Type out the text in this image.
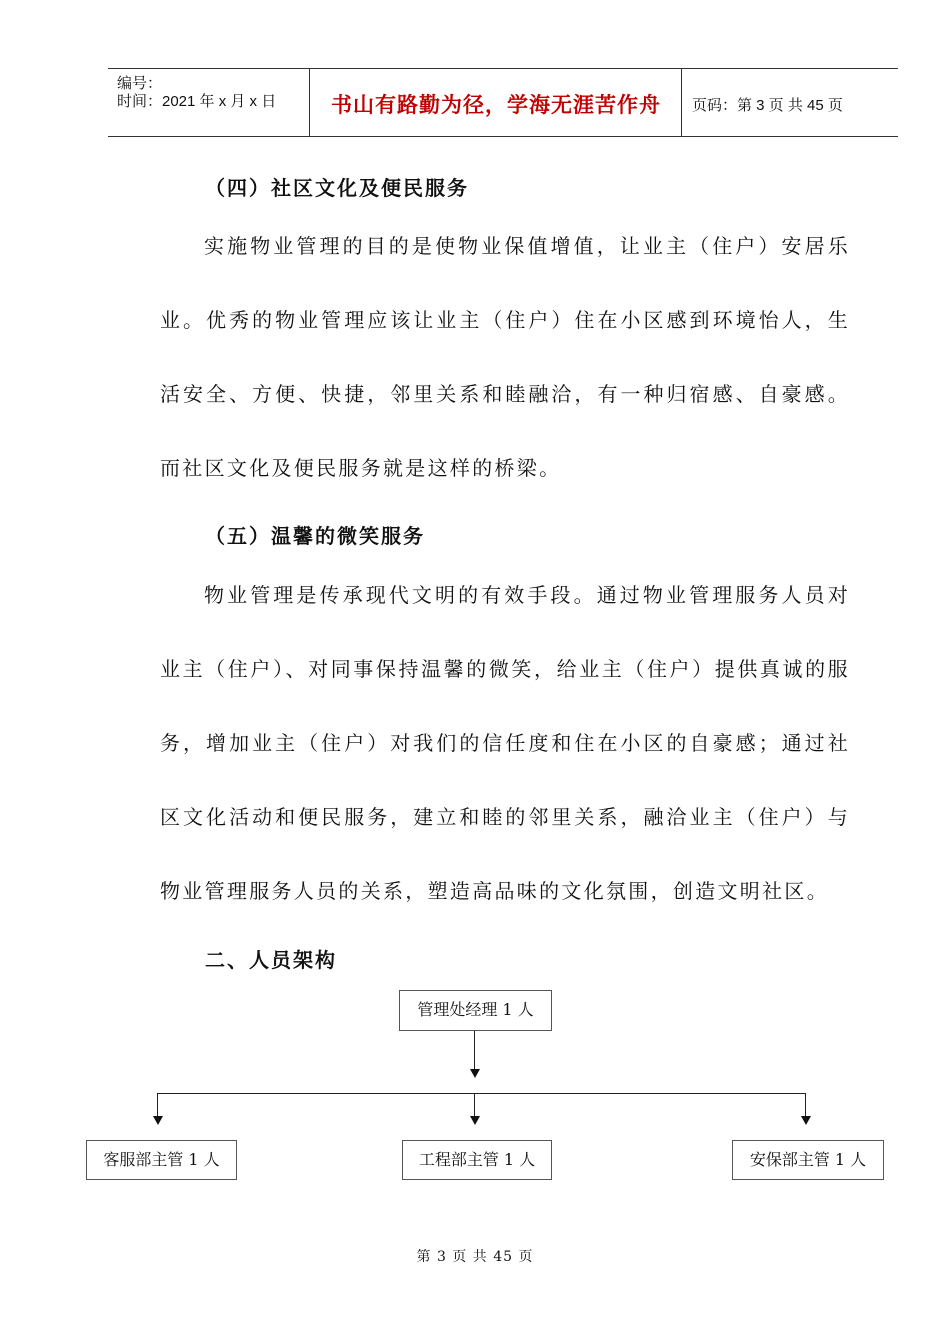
编号：
时间：2021 年 x 月 x 日	书山有路勤为径，学海无涯苦作舟	页码：第 3 页 共 45 页
（四）社区文化及便民服务
实施物业管理的目的是使物业保值增值，让业主（住户）安居乐业。优秀的物业管理应该让业主（住户）住在小区感到环境怡人，生活安全、方便、快捷，邻里关系和睦融洽，有一种归宿感、自豪感。而社区文化及便民服务就是这样的桥梁。
（五）温馨的微笑服务
物业管理是传承现代文明的有效手段。通过物业管理服务人员对业主（住户）、对同事保持温馨的微笑，给业主（住户）提供真诚的服务，增加业主（住户）对我们的信任度和住在小区的自豪感；通过社区文化活动和便民服务，建立和睦的邻里关系，融洽业主（住户）与物业管理服务人员的关系，塑造高品味的文化氛围，创造文明社区。
二、人员架构
管理处经理 1 人
客服部主管 1 人	工程部主管 1 人	安保部主管 1 人
第 3 页 共 45 页
